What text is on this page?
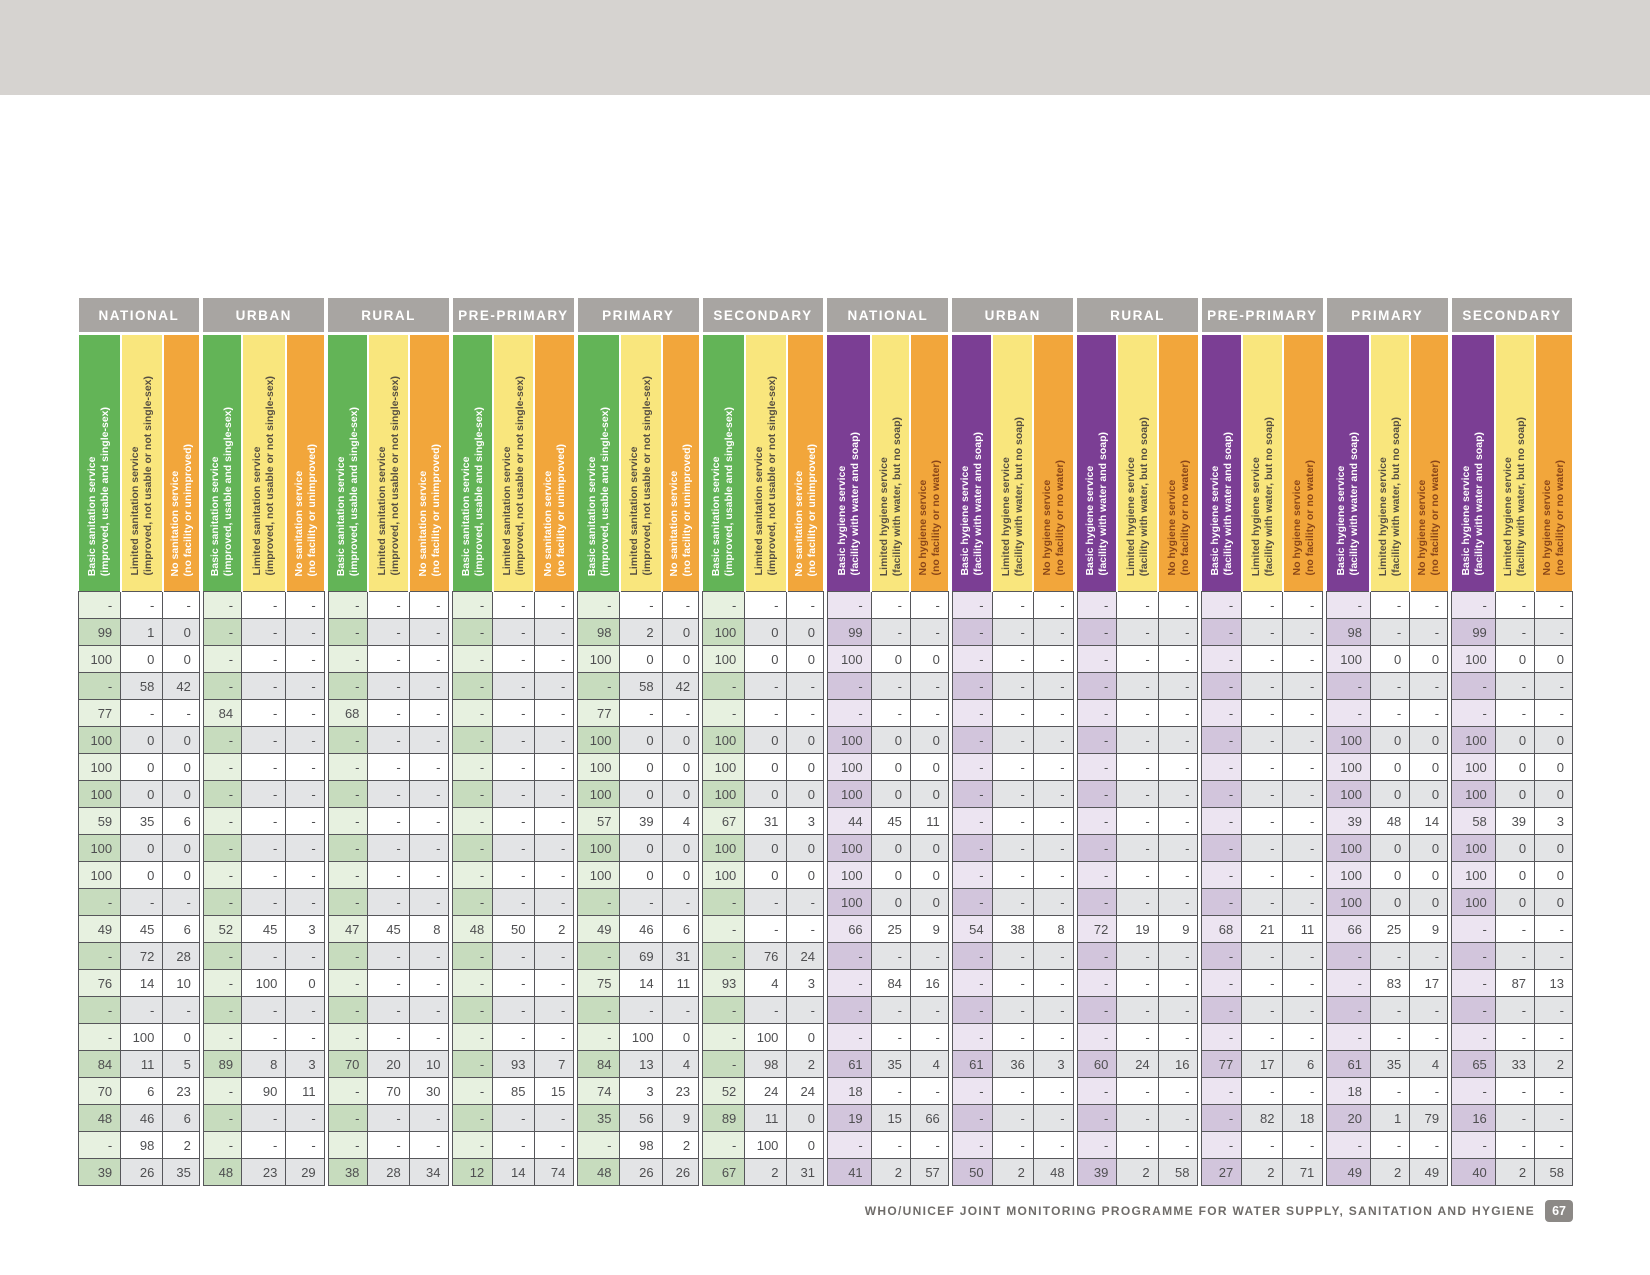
NATIONAL		

Basic sanitation service (improved, usable and single-sex)	Limited sanitation service (improved, not usable or not single-sex)	No sanitation service (no facility or unimproved)

-	-	-
99	1	0
100	0	0
-	58	42
77	-	-
100	0	0
100	0	0
100	0	0
59	35	6
100	0	0
100	0	0
-	-	-
49	45	6
-	72	28
76	14	10
-	-	-
-	100	0
84	11	5
70	6	23
48	46	6
-	98	2
39	26	35
URBAN		

Basic sanitation service (improved, usable and single-sex)	Limited sanitation service (improved, not usable or not single-sex)	No sanitation service (no facility or unimproved)

-	-	-
-	-	-
-	-	-
-	-	-
84	-	-
-	-	-
-	-	-
-	-	-
-	-	-
-	-	-
-	-	-
-	-	-
52	45	3
-	-	-
-	100	0
-	-	-
-	-	-
89	8	3
-	90	11
-	-	-
-	-	-
48	23	29
RURAL		

Basic sanitation service (improved, usable and single-sex)	Limited sanitation service (improved, not usable or not single-sex)	No sanitation service (no facility or unimproved)

-	-	-
-	-	-
-	-	-
-	-	-
68	-	-
-	-	-
-	-	-
-	-	-
-	-	-
-	-	-
-	-	-
-	-	-
47	45	8
-	-	-
-	-	-
-	-	-
-	-	-
70	20	10
-	70	30
-	-	-
-	-	-
38	28	34
PRE-PRIMARY		

Basic sanitation service (improved, usable and single-sex)	Limited sanitation service (improved, not usable or not single-sex)	No sanitation service (no facility or unimproved)

-	-	-
-	-	-
-	-	-
-	-	-
-	-	-
-	-	-
-	-	-
-	-	-
-	-	-
-	-	-
-	-	-
-	-	-
48	50	2
-	-	-
-	-	-
-	-	-
-	-	-
-	93	7
-	85	15
-	-	-
-	-	-
12	14	74
PRIMARY		

Basic sanitation service (improved, usable and single-sex)	Limited sanitation service (improved, not usable or not single-sex)	No sanitation service (no facility or unimproved)

-	-	-
98	2	0
100	0	0
-	58	42
77	-	-
100	0	0
100	0	0
100	0	0
57	39	4
100	0	0
100	0	0
-	-	-
49	46	6
-	69	31
75	14	11
-	-	-
-	100	0
84	13	4
74	3	23
35	56	9
-	98	2
48	26	26
SECONDARY		

Basic sanitation service (improved, usable and single-sex)	Limited sanitation service (improved, not usable or not single-sex)	No sanitation service (no facility or unimproved)

-	-	-
100	0	0
100	0	0
-	-	-
-	-	-
100	0	0
100	0	0
100	0	0
67	31	3
100	0	0
100	0	0
-	-	-
-	-	-
-	76	24
93	4	3
-	-	-
-	100	0
-	98	2
52	24	24
89	11	0
-	100	0
67	2	31
NATIONAL		

Basic hygiene service (facility with water and soap)	Limited hygiene service (facility with water, but no soap)	No hygiene service (no facility or no water)

-	-	-
99	-	-
100	0	0
-	-	-
-	-	-
100	0	0
100	0	0
100	0	0
44	45	11
100	0	0
100	0	0
100	0	0
66	25	9
-	-	-
-	84	16
-	-	-
-	-	-
61	35	4
18	-	-
19	15	66
-	-	-
41	2	57
URBAN		

Basic hygiene service (facility with water and soap)	Limited hygiene service (facility with water, but no soap)	No hygiene service (no facility or no water)

-	-	-
-	-	-
-	-	-
-	-	-
-	-	-
-	-	-
-	-	-
-	-	-
-	-	-
-	-	-
-	-	-
-	-	-
54	38	8
-	-	-
-	-	-
-	-	-
-	-	-
61	36	3
-	-	-
-	-	-
-	-	-
50	2	48
RURAL		

Basic hygiene service (facility with water and soap)	Limited hygiene service (facility with water, but no soap)	No hygiene service (no facility or no water)

-	-	-
-	-	-
-	-	-
-	-	-
-	-	-
-	-	-
-	-	-
-	-	-
-	-	-
-	-	-
-	-	-
-	-	-
72	19	9
-	-	-
-	-	-
-	-	-
-	-	-
60	24	16
-	-	-
-	-	-
-	-	-
39	2	58
PRE-PRIMARY		

Basic hygiene service (facility with water and soap)	Limited hygiene service (facility with water, but no soap)	No hygiene service (no facility or no water)

-	-	-
-	-	-
-	-	-
-	-	-
-	-	-
-	-	-
-	-	-
-	-	-
-	-	-
-	-	-
-	-	-
-	-	-
68	21	11
-	-	-
-	-	-
-	-	-
-	-	-
77	17	6
-	-	-
-	82	18
-	-	-
27	2	71
PRIMARY		

Basic hygiene service (facility with water and soap)	Limited hygiene service (facility with water, but no soap)	No hygiene service (no facility or no water)

-	-	-
98	-	-
100	0	0
-	-	-
-	-	-
100	0	0
100	0	0
100	0	0
39	48	14
100	0	0
100	0	0
100	0	0
66	25	9
-	-	-
-	83	17
-	-	-
-	-	-
61	35	4
18	-	-
20	1	79
-	-	-
49	2	49
SECONDARY		

Basic hygiene service (facility with water and soap)	Limited hygiene service (facility with water, but no soap)	No hygiene service (no facility or no water)

-	-	-
99	-	-
100	0	0
-	-	-
-	-	-
100	0	0
100	0	0
100	0	0
58	39	3
100	0	0
100	0	0
100	0	0
-	-	-
-	-	-
-	87	13
-	-	-
-	-	-
65	33	2
-	-	-
16	-	-
-	-	-
40	2	58
WHO/UNICEF JOINT MONITORING PROGRAMME FOR WATER SUPPLY, SANITATION AND HYGIENE	67
